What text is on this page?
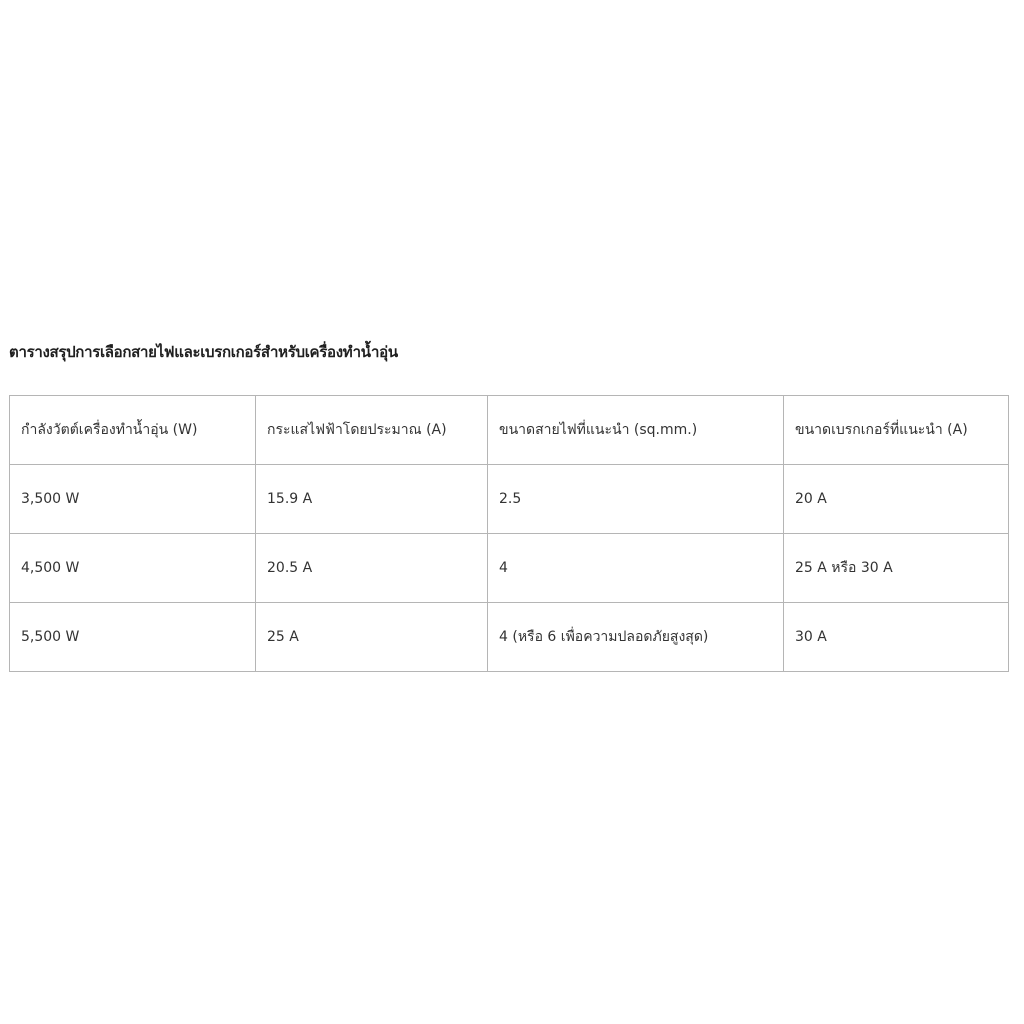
ตารางสรุปการเลือกสายไฟและเบรกเกอร์สำหรับเครื่องทำน้ำอุ่น
กำลังวัตต์เครื่องทำน้ำอุ่น (W)	กระแสไฟฟ้าโดยประมาณ (A)	ขนาดสายไฟที่แนะนำ (sq.mm.)	ขนาดเบรกเกอร์ที่แนะนำ (A)
3,500 W	15.9 A	2.5	20 A
4,500 W	20.5 A	4	25 A หรือ 30 A
5,500 W	25 A	4 (หรือ 6 เพื่อความปลอดภัยสูงสุด)	30 A
